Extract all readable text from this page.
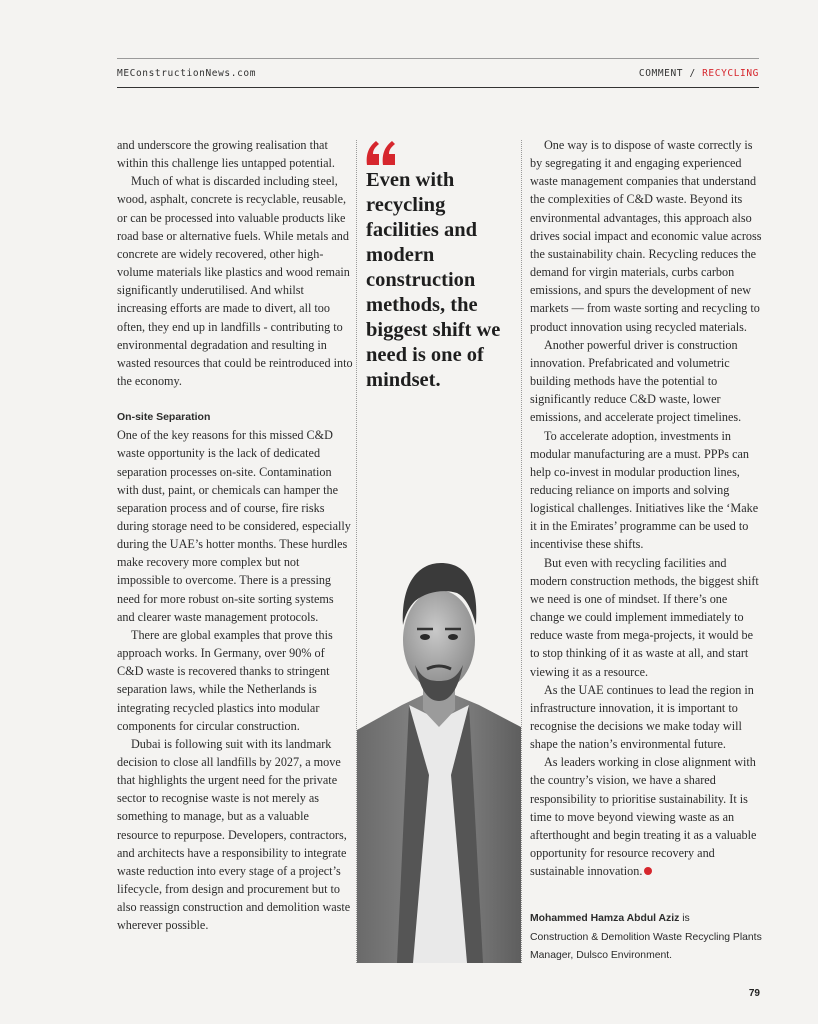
MEConstructionNews.com	COMMENT / RECYCLING

and underscore the growing realisation that within this challenge lies untapped potential.

Much of what is discarded including steel, wood, asphalt, concrete is recyclable, reusable, or can be processed into valuable products like road base or alternative fuels. While metals and concrete are widely recovered, other high-volume materials like plastics and wood remain significantly underutilised. And whilst increasing efforts are made to divert, all too often, they end up in landfills - contributing to environmental degradation and resulting in wasted resources that could be reintroduced into the economy.

On-site Separation

One of the key reasons for this missed C&D waste opportunity is the lack of dedicated separation processes on-site. Contamination with dust, paint, or chemicals can hamper the separation process and of course, fire risks during storage need to be considered, especially during the UAE’s hotter months. These hurdles make recovery more complex but not impossible to overcome. There is a pressing need for more robust on-site sorting systems and clearer waste management protocols.

There are global examples that prove this approach works. In Germany, over 90% of C&D waste is recovered thanks to stringent separation laws, while the Netherlands is integrating recycled plastics into modular components for circular construction.

Dubai is following suit with its landmark decision to close all landfills by 2027, a move that highlights the urgent need for the private sector to recognise waste is not merely as something to manage, but as a valuable resource to repurpose. Developers, contractors, and architects have a responsibility to integrate waste reduction into every stage of a project’s lifecycle, from design and procurement but to also reassign construction and demolition waste wherever possible.

Even with recycling facilities and modern construction methods, the biggest shift we need is one of mindset.

One way is to dispose of waste correctly is by segregating it and engaging experienced waste management companies that understand the complexities of C&D waste. Beyond its environmental advantages, this approach also drives social impact and economic value across the sustainability chain. Recycling reduces the demand for virgin materials, curbs carbon emissions, and spurs the development of new markets — from waste sorting and recycling to product innovation using recycled materials.

Another powerful driver is construction innovation. Prefabricated and volumetric building methods have the potential to significantly reduce C&D waste, lower emissions, and accelerate project timelines.

To accelerate adoption, investments in modular manufacturing are a must. PPPs can help co-invest in modular production lines, reducing reliance on imports and solving logistical challenges. Initiatives like the ‘Make it in the Emirates’ programme can be used to incentivise these shifts.

But even with recycling facilities and modern construction methods, the biggest shift we need is one of mindset. If there’s one change we could implement immediately to reduce waste from mega-projects, it would be to stop thinking of it as waste at all, and start viewing it as a resource.

As the UAE continues to lead the region in infrastructure innovation, it is important to recognise the decisions we make today will shape the nation’s environmental future.

As leaders working in close alignment with the country’s vision, we have a shared responsibility to prioritise sustainability. It is time to move beyond viewing waste as an afterthought and begin treating it as a valuable opportunity for resource recovery and sustainable innovation.

Mohammed Hamza Abdul Aziz is
Construction & Demolition Waste Recycling Plants Manager, Dulsco Environment.
79
